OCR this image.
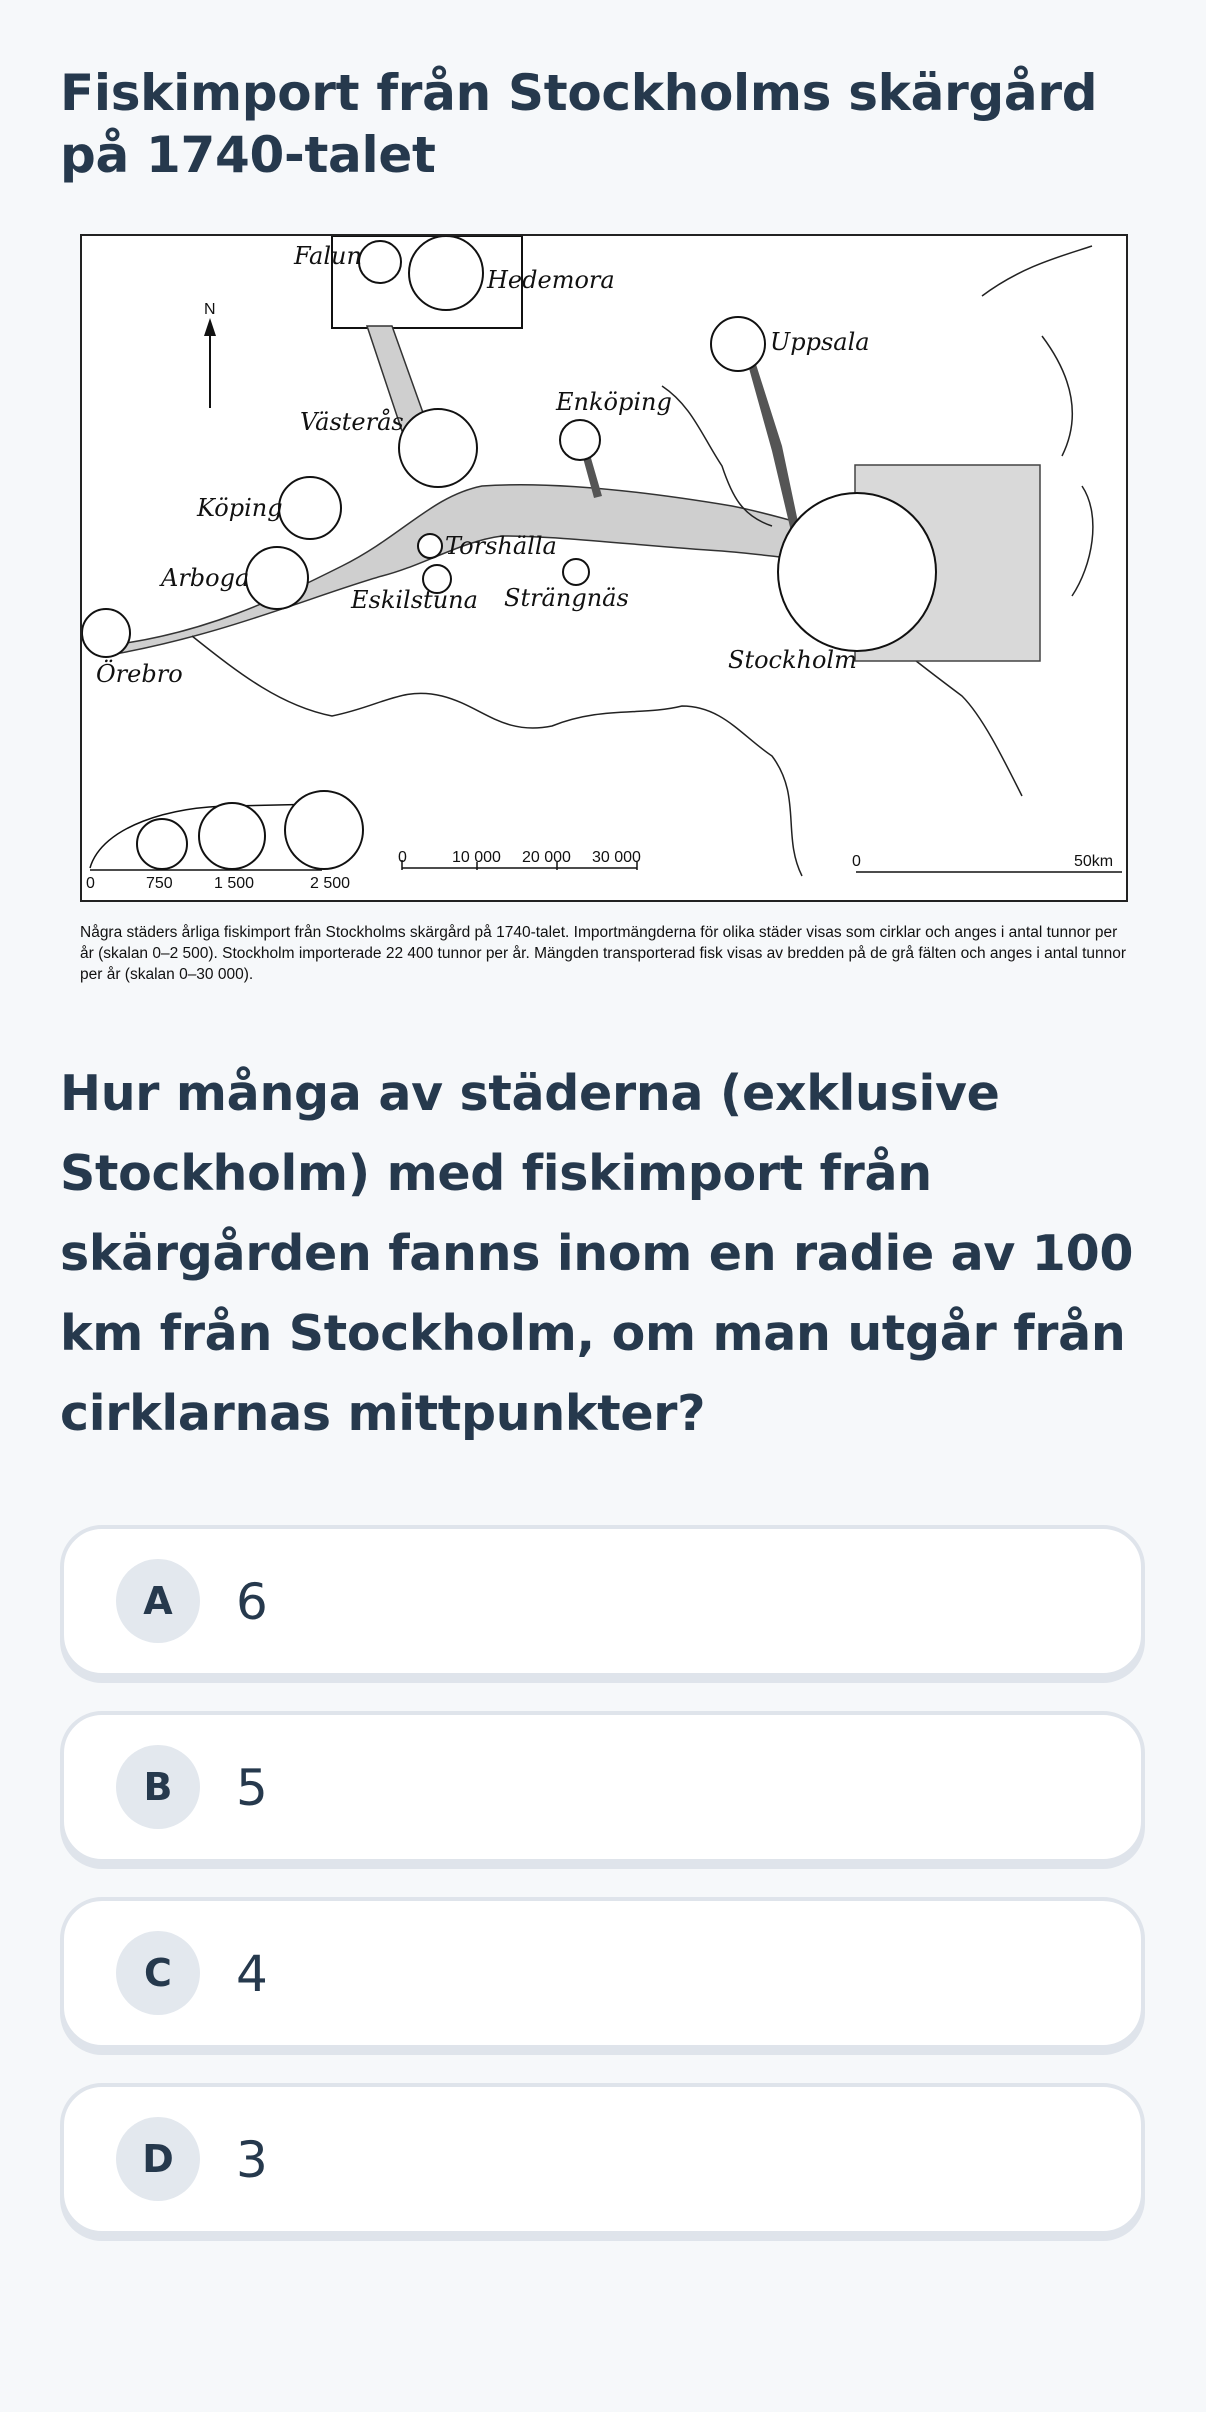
Fiskimport från Stockholms skärgård på 1740-talet
N
Falun
Hedemora
Uppsala
Enköping
Västerås
Köping
Torshälla
Arboga
Eskilstuna Strängnäs
Örebro	Stockholm
0	750	1 500	2 500
0	10 000 20 000 30 000	0	50km

Några städers årliga fiskimport från Stockholms skärgård på 1740-talet. Importmängderna för olika städer visas som cirklar och anges i antal tunnor per år (skalan 0–2 500). Stockholm importerade 22 400 tunnor per år. Mängden transporterad fisk visas av bredden på de grå fälten och anges i antal tunnor per år (skalan 0–30 000).

Hur många av städerna (exklusive Stockholm) med fiskimport från skärgården fanns inom en radie av 100 km från Stockholm, om man utgår från cirklarnas mittpunkter?
A	6
B	5
C	4
D	3
